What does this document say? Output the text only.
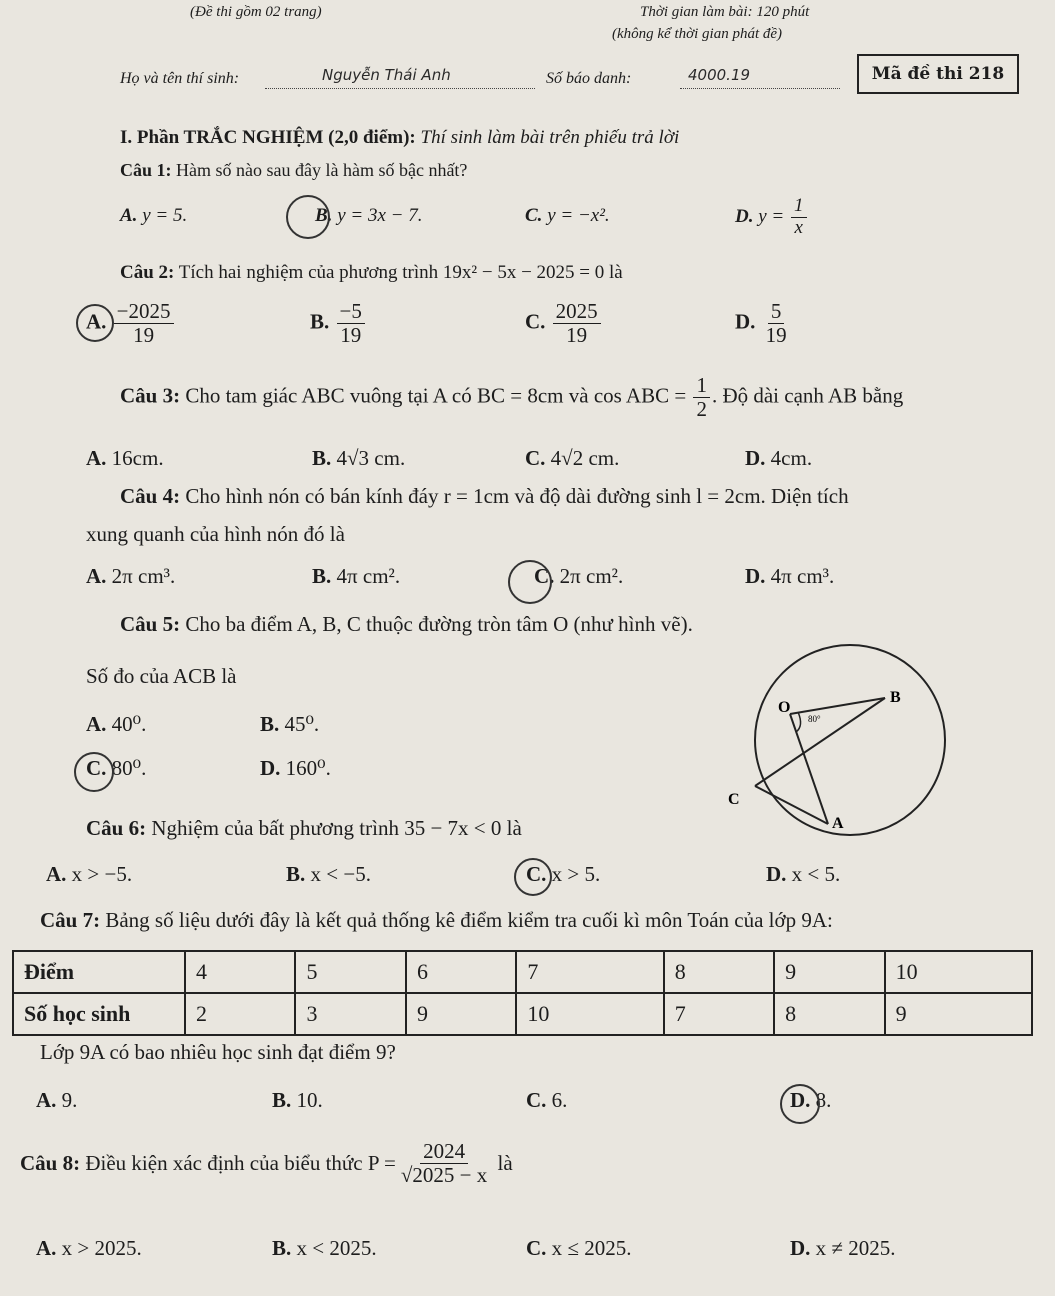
(Đề thi gồm 02 trang)	Thời gian làm bài: 120 phút
(không kể thời gian phát đề)
Họ và tên thí sinh:	Nguyễn Thái Anh	Số báo danh:	4000.19	Mã đề thi 218
I. Phần TRẮC NGHIỆM (2,0 điểm): Thí sinh làm bài trên phiếu trả lời
Câu 1: Hàm số nào sau đây là hàm số bậc nhất?
A. y = 5.	B. y = 3x − 7.	C. y = −x².	D. $y = \frac{1}{x}$
Câu 2: Tích hai nghiệm của phương trình 19x² − 5x − 2025 = 0 là
A. $\frac{-2025}{19}$	B. $\frac{-5}{19}$	C. $\frac{2025}{19}$	D. $\frac{5}{19}$
Câu 3: Cho tam giác ABC vuông tại A có BC = 8cm và cos ABC = $\frac{1}{2}$ . Độ dài cạnh AB bằng
A. 16cm.	B. 4√3 cm.	C. 4√2 cm.	D. 4cm.
Câu 4: Cho hình nón có bán kính đáy r = 1cm và độ dài đường sinh l = 2cm. Diện tích
xung quanh của hình nón đó là
A. 2π cm³.	B. 4π cm².	C. 2π cm².	D. 4π cm³.
Câu 5: Cho ba điểm A, B, C thuộc đường tròn tâm O (như hình vẽ).
Số đo của ACB là
A. 40⁰.	B. 45⁰.
C. 80⁰.	D. 160⁰.
O
B
C
A
80°
Câu 6: Nghiệm của bất phương trình 35 − 7x < 0 là
A. x > −5.	B. x < −5.	C. x > 5.	D. x < 5.
Câu 7: Bảng số liệu dưới đây là kết quả thống kê điểm kiểm tra cuối kì môn Toán của lớp 9A:
Điểm	4	5	6	7	8	9	10
Số học sinh	2	3	9	10	7	8	9
Lớp 9A có bao nhiêu học sinh đạt điểm 9?
A. 9.	B. 10.	C. 6.	D. 8.
Câu 8:
Điều kiện xác định của biểu thức $P = \frac{2024}{√2025 - x}$
là
A. x > 2025.	B. x < 2025.	C. x ≤ 2025.	D. x ≠ 2025.
